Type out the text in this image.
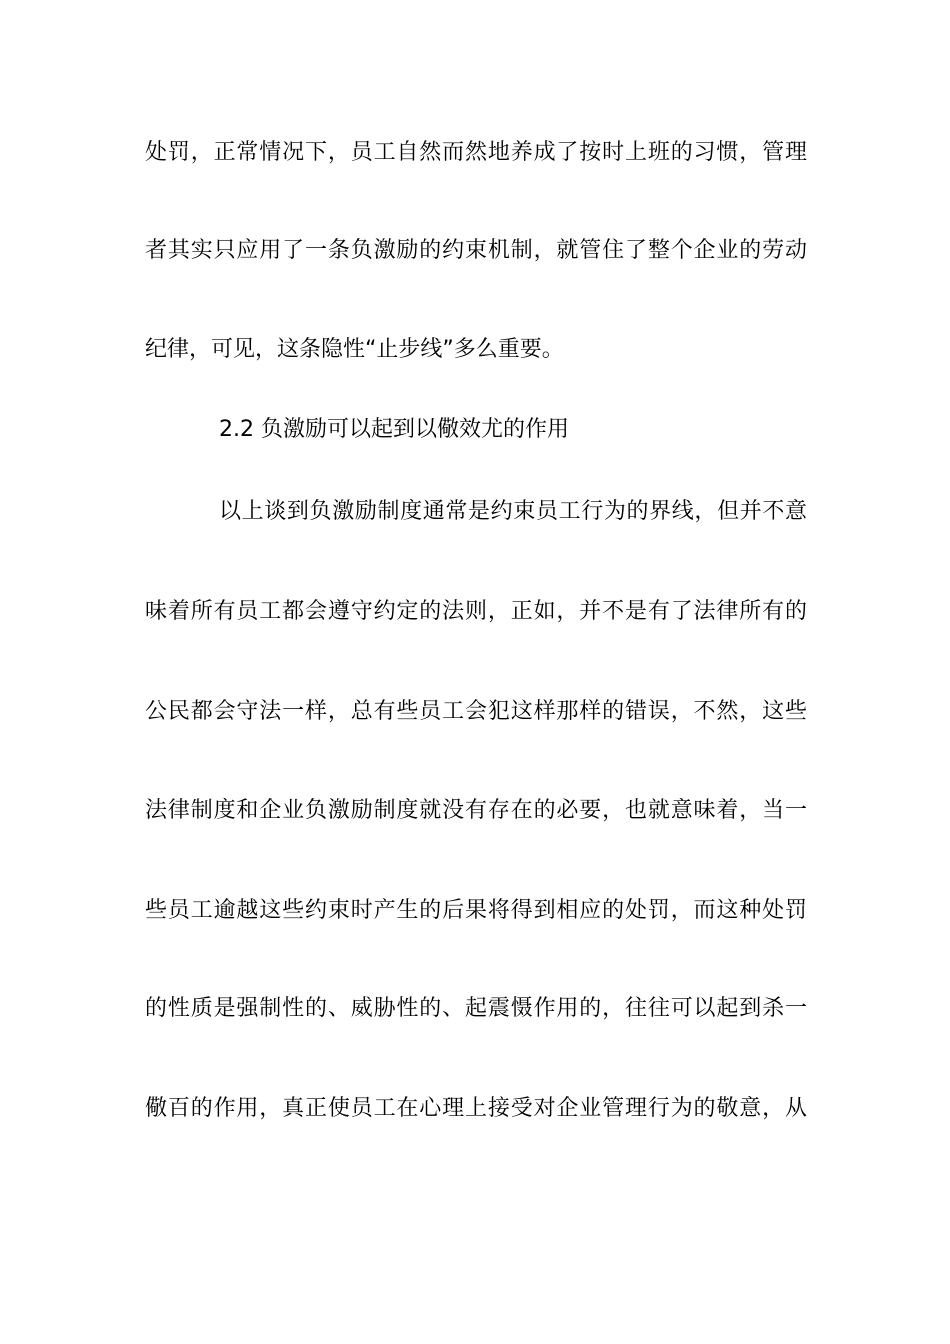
处罚，正常情况下，员工自然而然地养成了按时上班的习惯，管理
者其实只应用了一条负激励的约束机制，就管住了整个企业的劳动
纪律，可见，这条隐性“止步线”多么重要。
2.2 负激励可以起到以儆效尤的作用
以上谈到负激励制度通常是约束员工行为的界线，但并不意
味着所有员工都会遵守约定的法则，正如，并不是有了法律所有的
公民都会守法一样，总有些员工会犯这样那样的错误，不然，这些
法律制度和企业负激励制度就没有存在的必要，也就意味着，当一
些员工逾越这些约束时产生的后果将得到相应的处罚，而这种处罚
的性质是强制性的、威胁性的、起震慑作用的，往往可以起到杀一
儆百的作用，真正使员工在心理上接受对企业管理行为的敬意，从
